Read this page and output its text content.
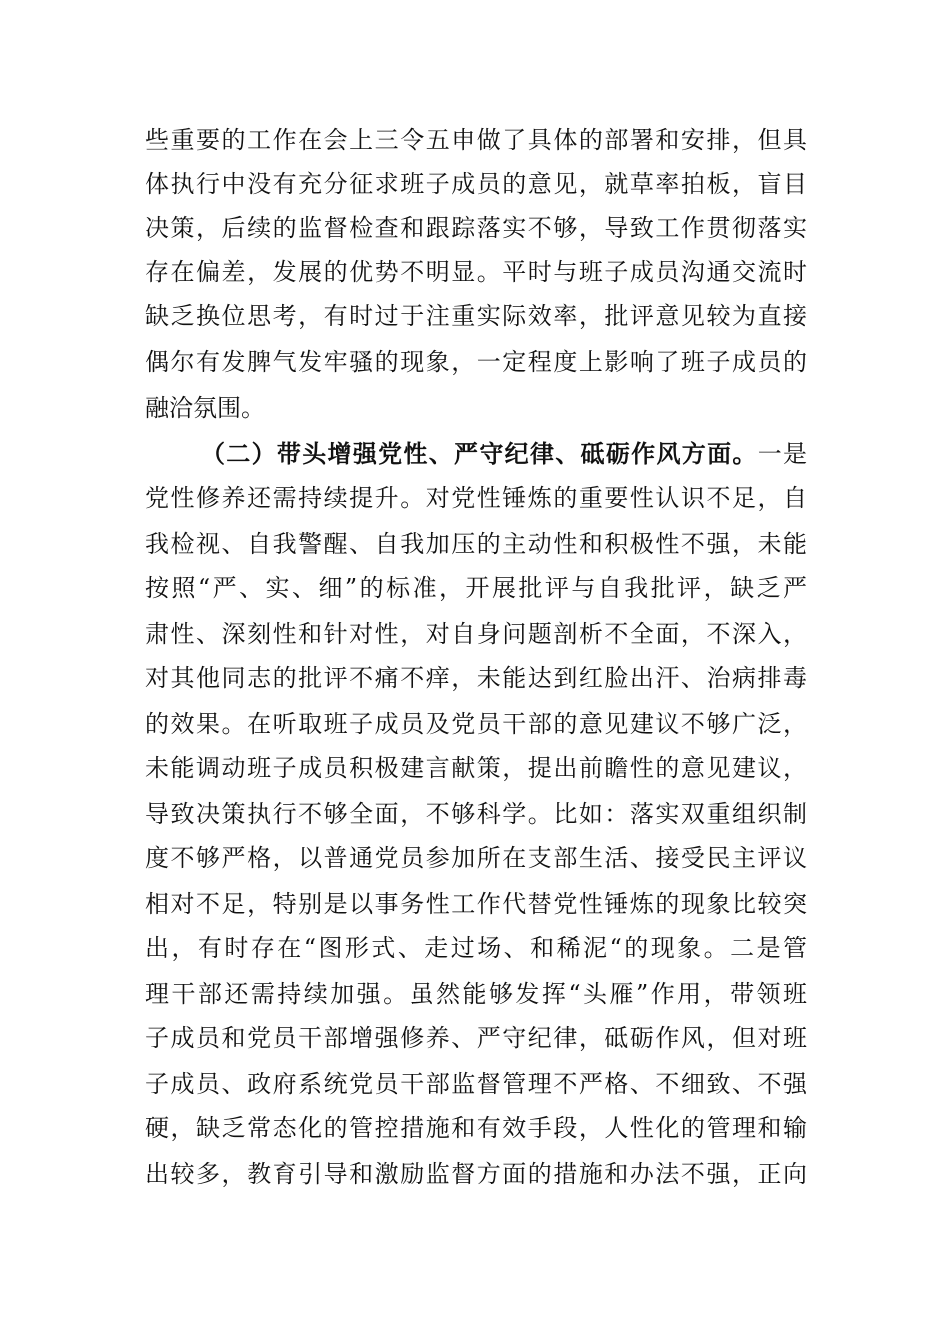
些重要的工作在会上三令五申做了具体的部署和安排，但具
体执行中没有充分征求班子成员的意见，就草率拍板，盲目
决策，后续的监督检查和跟踪落实不够，导致工作贯彻落实
存在偏差，发展的优势不明显。平时与班子成员沟通交流时
缺乏换位思考，有时过于注重实际效率，批评意见较为直接
偶尔有发脾气发牢骚的现象，一定程度上影响了班子成员的
融洽氛围。
（二）带头增强党性、严守纪律、砥砺作风方面。一是
党性修养还需持续提升。对党性锤炼的重要性认识不足，自
我检视、自我警醒、自我加压的主动性和积极性不强，未能
按照“严、实、细”的标准，开展批评与自我批评，缺乏严
肃性、深刻性和针对性，对自身问题剖析不全面，不深入，
对其他同志的批评不痛不痒，未能达到红脸出汗、治病排毒
的效果。在听取班子成员及党员干部的意见建议不够广泛，
未能调动班子成员积极建言献策，提出前瞻性的意见建议，
导致决策执行不够全面，不够科学。比如：落实双重组织制
度不够严格，以普通党员参加所在支部生活、接受民主评议
相对不足，特别是以事务性工作代替党性锤炼的现象比较突
出，有时存在“图形式、走过场、和稀泥“的现象。二是管
理干部还需持续加强。虽然能够发挥“头雁”作用，带领班
子成员和党员干部增强修养、严守纪律，砥砺作风，但对班
子成员、政府系统党员干部监督管理不严格、不细致、不强
硬，缺乏常态化的管控措施和有效手段，人性化的管理和输
出较多，教育引导和激励监督方面的措施和办法不强，正向
